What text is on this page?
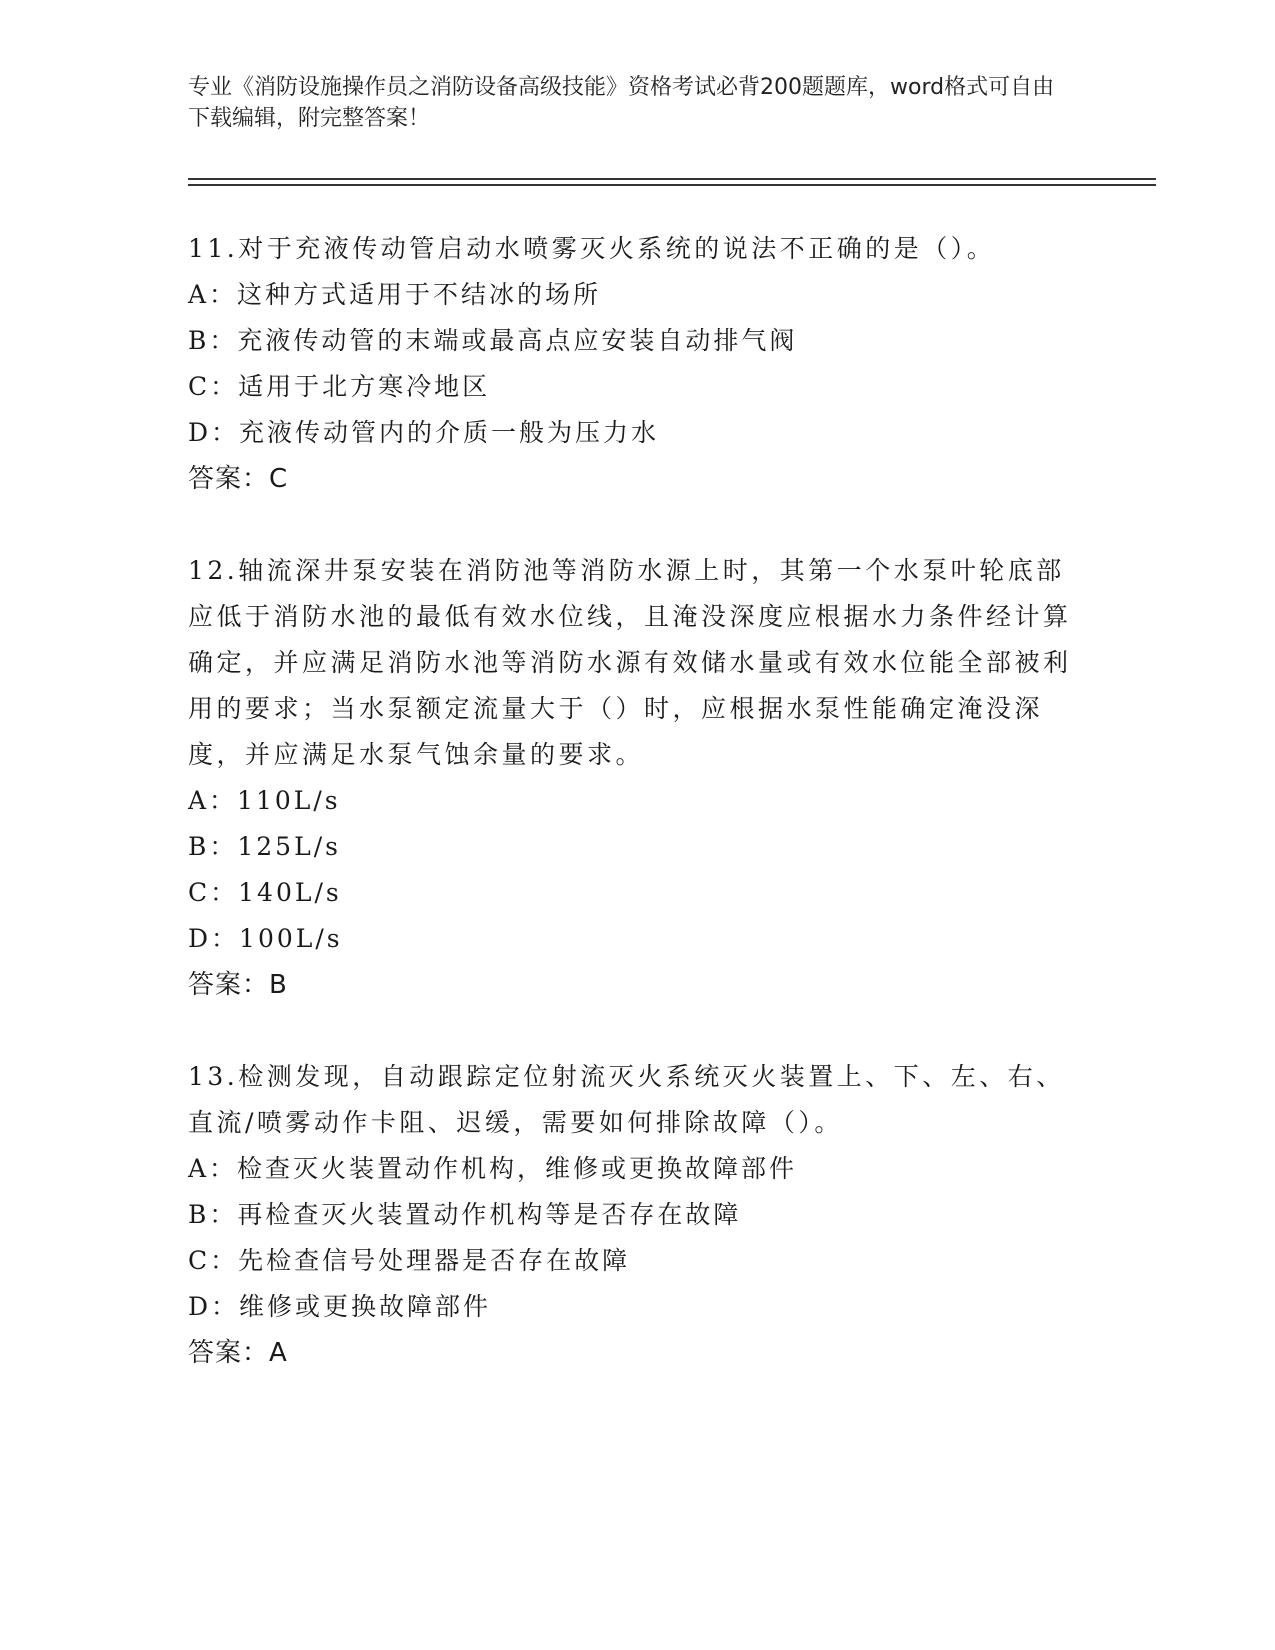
专业《消防设施操作员之消防设备高级技能》资格考试必背200题题库，word格式可自由下载编辑，附完整答案！
11.对于充液传动管启动水喷雾灭火系统的说法不正确的是（）。
A：这种方式适用于不结冰的场所
B：充液传动管的末端或最高点应安装自动排气阀
C：适用于北方寒冷地区
D：充液传动管内的介质一般为压力水
答案：C
12.轴流深井泵安装在消防池等消防水源上时，其第一个水泵叶轮底部应低于消防水池的最低有效水位线，且淹没深度应根据水力条件经计算确定，并应满足消防水池等消防水源有效储水量或有效水位能全部被利用的要求；当水泵额定流量大于（）时，应根据水泵性能确定淹没深度，并应满足水泵气蚀余量的要求。
A：110L/s
B：125L/s
C：140L/s
D：100L/s
答案：B
13.检测发现，自动跟踪定位射流灭火系统灭火装置上、下、左、右、直流/喷雾动作卡阻、迟缓，需要如何排除故障（）。
A：检查灭火装置动作机构，维修或更换故障部件
B：再检查灭火装置动作机构等是否存在故障
C：先检查信号处理器是否存在故障
D：维修或更换故障部件
答案：A
